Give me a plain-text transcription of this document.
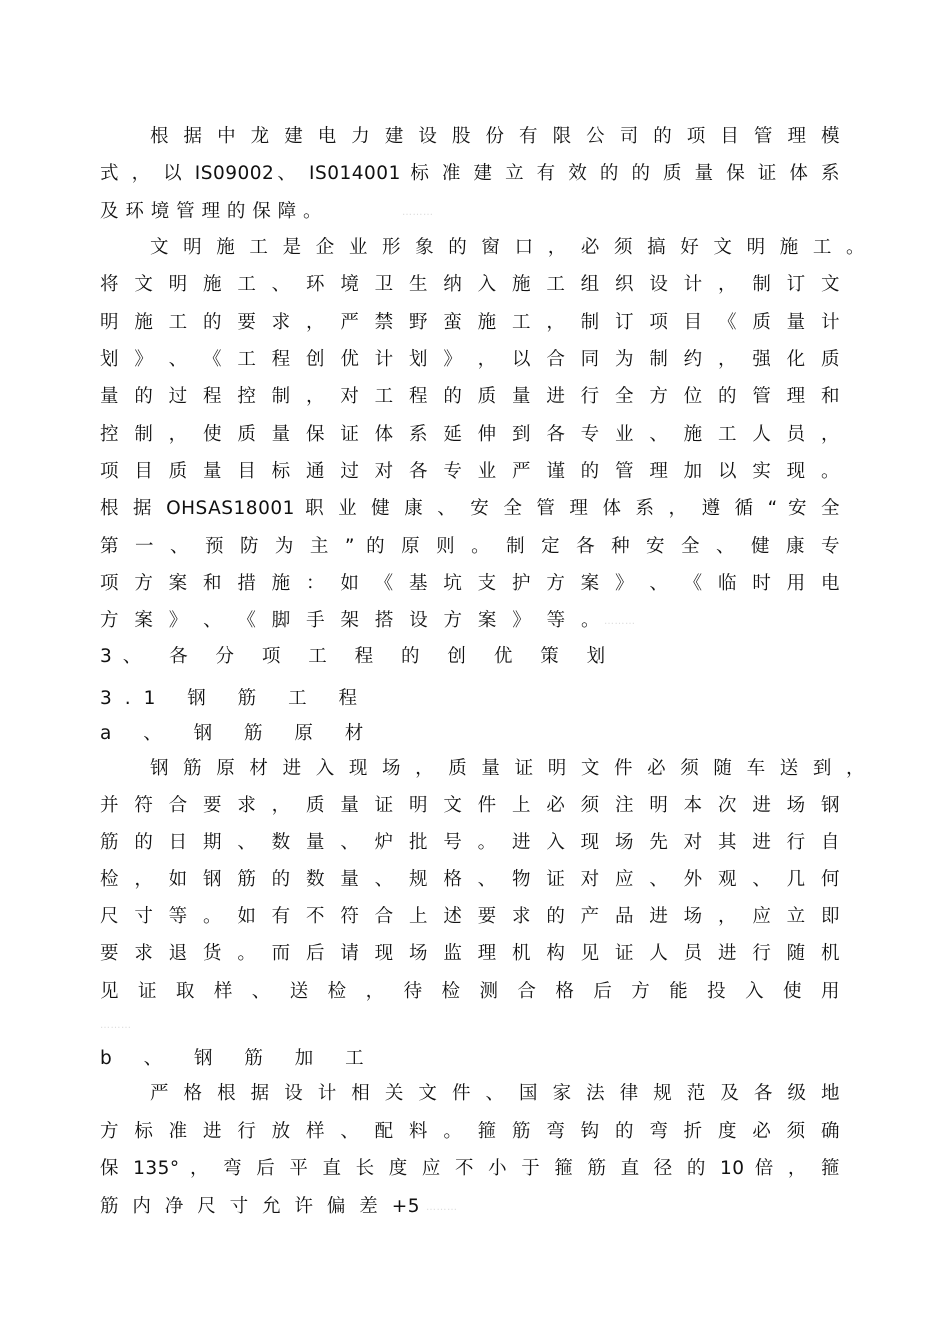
根 据 中 龙 建 电 力 建 设 股 份 有 限 公 司 的 项 目 管 理 模
式 ， 以 IS09002、 IS014001 标 准 建 立 有 效 的 的 质 量 保 证 体 系
及 环 境 管 理 的 保 障 。	………
文 明 施 工 是 企 业 形 象 的 窗 口 ， 必 须 搞 好 文 明 施 工 。
将 文 明 施 工 、 环 境 卫 生 纳 入 施 工 组 织 设 计 ， 制 订 文
明 施 工 的 要 求 ， 严 禁 野 蛮 施 工 ， 制 订 项 目 《 质 量 计
划 》 、 《 工 程 创 优 计 划 》 ， 以 合 同 为 制 约 ， 强 化 质
量 的 过 程 控 制 ， 对 工 程 的 质 量 进 行 全 方 位 的 管 理 和
控 制 ， 使 质 量 保 证 体 系 延 伸 到 各 专 业 、 施 工 人 员 ，
项 目 质 量 目 标 通 过 对 各 专 业 严 谨 的 管 理 加 以 实 现 。
根 据 OHSAS18001 职 业 健 康 、 安 全 管 理 体 系 ， 遵 循 “ 安 全
第 一 、 预 防 为 主 ” 的 原 则 。 制 定 各 种 安 全 、 健 康 专
项 方 案 和 措 施 ： 如 《 基 坑 支 护 方 案 》 、 《 临 时 用 电
方 案 》 、 《 脚 手 架 搭 设 方 案 》 等 。 ………
3、 各 分 项 工 程 的 创 优 策 划
3.1 钢 筋 工 程
a 、 钢 筋 原 材
钢 筋 原 材 进 入 现 场 ， 质 量 证 明 文 件 必 须 随 车 送 到 ，
并 符 合 要 求 ， 质 量 证 明 文 件 上 必 须 注 明 本 次 进 场 钢
筋 的 日 期 、 数 量 、 炉 批 号 。 进 入 现 场 先 对 其 进 行 自
检 ， 如 钢 筋 的 数 量 、 规 格 、 物 证 对 应 、 外 观 、 几 何
尺 寸 等 。 如 有 不 符 合 上 述 要 求 的 产 品 进 场 ， 应 立 即
要 求 退 货 。 而 后 请 现 场 监 理 机 构 见 证 人 员 进 行 随 机
见 证 取 样 、 送 检 ， 待 检 测 合 格 后 方 能 投 入 使 用
………
b 、 钢 筋 加 工
严 格 根 据 设 计 相 关 文 件 、 国 家 法 律 规 范 及 各 级 地
方 标 准 进 行 放 样 、 配 料 。 箍 筋 弯 钩 的 弯 折 度 必 须 确
保 135° ， 弯 后 平 直 长 度 应 不 小 于 箍 筋 直 径 的 10 倍 ， 箍
筋 内 净 尺 寸 允 许 偏 差 +5 ………
